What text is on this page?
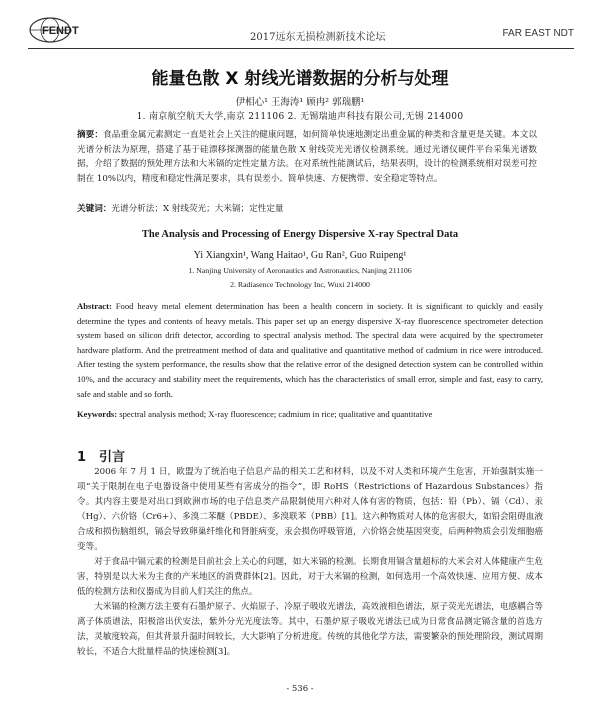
FENDT
2017远东无损检测新技术论坛	FAR EAST NDT
能量色散 X 射线光谱数据的分析与处理
伊相心¹ 王海涛¹ 顾冉² 郭瑞鹏¹
1. 南京航空航天大学,南京 211106 2. 无锡瑞迪声科技有限公司,无锡 214000
摘要：食品重金属元素测定一直是社会上关注的健康问题，如何简单快速地测定出重金属的种类和含量更是关键。本文以光谱分析法为原理，搭建了基于硅漂移探测器的能量色散 X 射线荧光光谱仪检测系统。通过光谱仪硬件平台采集光谱数据，介绍了数据的预处理方法和大米镉的定性定量方法。在对系统性能测试后，结果表明，设计的检测系统相对误差可控制在 10%以内，精度和稳定性满足要求，具有误差小、简单快速、方便携带、安全稳定等特点。
关键词：光谱分析法；X 射线荧光；大米镉；定性定量
The Analysis and Processing of Energy Dispersive X-ray Spectral Data
Yi Xiangxin¹, Wang Haitao¹, Gu Ran², Guo Ruipeng¹
1. Nanjing University of Aeronautics and Astronautics, Nanjing 211106
2. Radiasence Technology Inc, Wuxi 214000
Abstract: Food heavy metal element determination has been a health concern in society. It is significant to quickly and easily determine the types and contents of heavy metals. This paper set up an energy dispersive X-ray fluorescence spectrometer detection system based on silicon drift detector, according to spectral analysis method. The spectral data were acquired by the spectrometer hardware platform. And the pretreatment method of data and qualitative and quantitative method of cadmium in rice were introduced. After testing the system performance, the results show that the relative error of the designed detection system can be controlled within 10%, and the accuracy and stability meet the requirements, which has the characteristics of small error, simple and fast, easy to carry, safe and stable and so forth.
Keywords: spectral analysis method; X-ray fluorescence; cadmium in rice; qualitative and quantitative
1 引言

2006 年 7 月 1 日，欧盟为了统治电子信息产品的相关工艺和材料，以及不对人类和环境产生危害，开始强制实施一项“关于限制在电子电器设备中使用某些有害成分的指令”，即 RoHS（Restrictions of Hazardous Substances）指令。其内容主要是对出口到欧洲市场的电子信息类产品限制使用六种对人体有害的物质，包括：铅（Pb）、镉（Cd）、汞（Hg）、六价铬（Cr6+）、多溴二苯醚（PBDE）、多溴联苯（PBB）[1]。这六种物质对人体的危害很大，如铅会阻碍血液合成和损伤脑组织，镉会导致卵巢纤维化和肾脏病变，汞会损伤呼吸管道，六价铬会使基因突变，后两种物质会引发细胞癌变等。

对于食品中镉元素的检测是目前社会上关心的问题，如大米镉的检测。长期食用镉含量超标的大米会对人体健康产生危害，特别是以大米为主食的产米地区的消费群体[2]。因此，对于大米镉的检测，如何选用一个高效快速、应用方便、成本低的检测方法和仪器成为目前人们关注的焦点。

大米镉的检测方法主要有石墨炉原子、火焰原子、冷原子吸收光谱法，高效液相色谱法，原子荧光光谱法，电感耦合等离子体质谱法，阳极溶出伏安法，紫外分光光度法等。其中，石墨炉原子吸收光谱法已成为日常食品测定镉含量的首选方法，灵敏度较高，但其背景升温时间较长，大大影响了分析进度。传统的其他化学方法，需要繁杂的预处理阶段，测试周期较长，不适合大批量样品的快速检测[3]。

- 536 -
